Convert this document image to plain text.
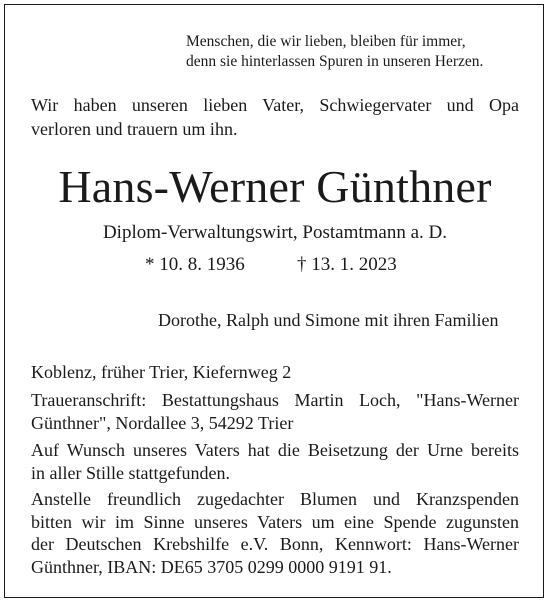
Menschen, die wir lieben, bleiben für immer,
denn sie hinterlassen Spuren in unseren Herzen.
Wir haben unseren lieben Vater, Schwiegervater und Opa
verloren und trauern um ihn.
Hans-Werner Günthner
Diplom-Verwaltungswirt, Postamtmann a. D.
* 10. 8. 1936	† 13. 1. 2023
Dorothe, Ralph und Simone mit ihren Familien
Koblenz, früher Trier, Kiefernweg 2
Traueranschrift: Bestattungshaus Martin Loch, "Hans-Werner
Günthner", Nordallee 3, 54292 Trier
Auf Wunsch unseres Vaters hat die Beisetzung der Urne bereits
in aller Stille stattgefunden.
Anstelle freundlich zugedachter Blumen und Kranzspenden
bitten wir im Sinne unseres Vaters um eine Spende zugunsten
der Deutschen Krebshilfe e.V. Bonn, Kennwort: Hans-Werner
Günthner, IBAN: DE65 3705 0299 0000 9191 91.
